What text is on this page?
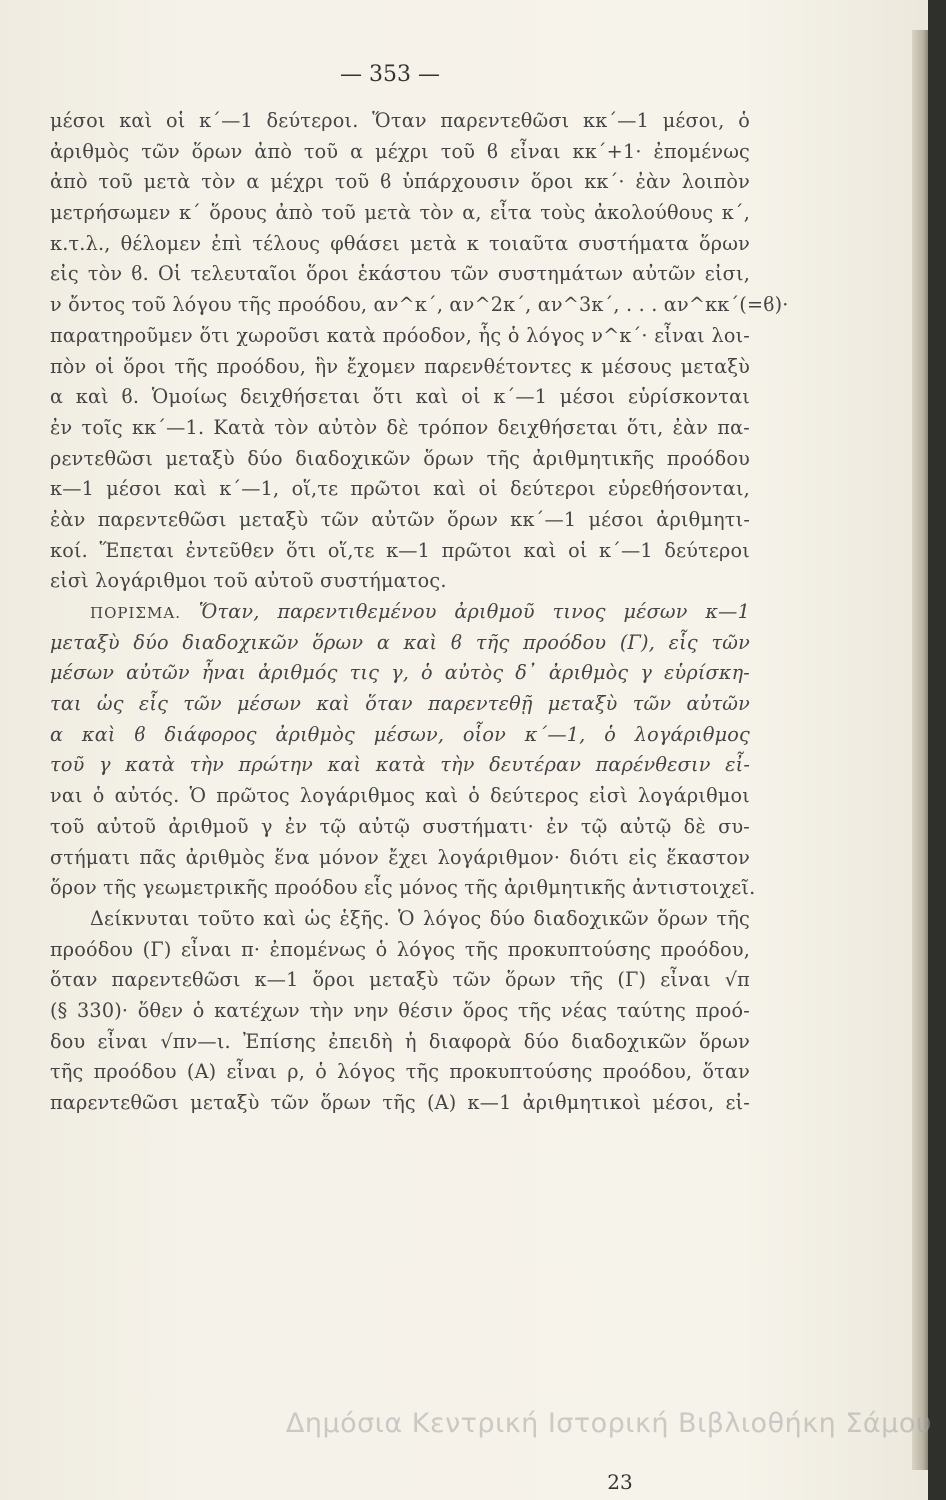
— 353 —
μέσοι καὶ οἱ κ΄—1 δεύτεροι. Ὅταν παρεντεθῶσι κκ΄—1 μέσοι, ὁ
ἀριθμὸς τῶν ὅρων ἀπὸ τοῦ α μέχρι τοῦ ϐ εἶναι κκ΄+1· ἐπομένως
ἀπὸ τοῦ μετὰ τὸν α μέχρι τοῦ ϐ ὑπάρχουσιν ὅροι κκ΄· ἐὰν λοιπὸν
μετρήσωμεν κ΄ ὅρους ἀπὸ τοῦ μετὰ τὸν α, εἶτα τοὺς ἀκολούθους κ΄,
κ.τ.λ., θέλομεν ἐπὶ τέλους φθάσει μετὰ κ τοιαῦτα συστήματα ὅρων
εἰς τὸν ϐ. Οἱ τελευταῖοι ὅροι ἑκάστου τῶν συστημάτων αὐτῶν εἰσι,
ν ὄντος τοῦ λόγου τῆς προόδου, αν^κ΄, αν^2κ΄, αν^3κ΄, . . . αν^κκ΄(=ϐ)·
παρατηροῦμεν ὅτι χωροῦσι κατὰ πρόοδον, ἧς ὁ λόγος ν^κ΄· εἶναι λοι-
πὸν οἱ ὅροι τῆς προόδου, ἣν ἔχομεν παρενθέτοντες κ μέσους μεταξὺ
α καὶ ϐ. Ὁμοίως δειχθήσεται ὅτι καὶ οἱ κ΄—1 μέσοι εὑρίσκονται
ἐν τοῖς κκ΄—1. Κατὰ τὸν αὐτὸν δὲ τρόπον δειχθήσεται ὅτι, ἐὰν πα-
ρεντεθῶσι μεταξὺ δύο διαδοχικῶν ὅρων τῆς ἀριθμητικῆς προόδου
κ—1 μέσοι καὶ κ΄—1, οἵ,τε πρῶτοι καὶ οἱ δεύτεροι εὑρεθήσονται,
ἐὰν παρεντεθῶσι μεταξὺ τῶν αὐτῶν ὅρων κκ΄—1 μέσοι ἀριθμητι-
κοί. Ἕπεται ἐντεῦθεν ὅτι οἵ,τε κ—1 πρῶτοι καὶ οἱ κ΄—1 δεύτεροι
εἰσὶ λογάριθμοι τοῦ αὐτοῦ συστήματος.
ΠΟΡΙΣΜΑ. Ὅταν, παρεντιθεμένου ἀριθμοῦ τινος μέσων κ—1
μεταξὺ δύο διαδοχικῶν ὅρων α καὶ ϐ τῆς προόδου (Γ), εἷς τῶν
μέσων αὐτῶν ἦναι ἀριθμός τις γ, ὁ αὐτὸς δ᾽ ἀριθμὸς γ εὑρίσκη-
ται ὡς εἷς τῶν μέσων καὶ ὅταν παρεντεθῇ μεταξὺ τῶν αὐτῶν
α καὶ ϐ διάφορος ἀριθμὸς μέσων, οἷον κ΄—1, ὁ λογάριθμος
τοῦ γ κατὰ τὴν πρώτην καὶ κατὰ τὴν δευτέραν παρένθεσιν εἶ-
ναι ὁ αὐτός. Ὁ πρῶτος λογάριθμος καὶ ὁ δεύτερος εἰσὶ λογάριθμοι
τοῦ αὐτοῦ ἀριθμοῦ γ ἐν τῷ αὐτῷ συστήματι· ἐν τῷ αὐτῷ δὲ συ-
στήματι πᾶς ἀριθμὸς ἕνα μόνον ἔχει λογάριθμον· διότι εἰς ἕκαστον
ὅρον τῆς γεωμετρικῆς προόδου εἷς μόνος τῆς ἀριθμητικῆς ἀντιστοιχεῖ.
Δείκνυται τοῦτο καὶ ὡς ἑξῆς. Ὁ λόγος δύο διαδοχικῶν ὅρων τῆς
προόδου (Γ) εἶναι π· ἐπομένως ὁ λόγος τῆς προκυπτούσης προόδου,
ὅταν παρεντεθῶσι κ—1 ὅροι μεταξὺ τῶν ὅρων τῆς (Γ) εἶναι √π
(§ 330)· ὅθεν ὁ κατέχων τὴν νην θέσιν ὅρος τῆς νέας ταύτης προό-
δου εἶναι √πν—ι. Ἐπίσης ἐπειδὴ ἡ διαφορὰ δύο διαδοχικῶν ὅρων
τῆς προόδου (Α) εἶναι ρ, ὁ λόγος τῆς προκυπτούσης προόδου, ὅταν
παρεντεθῶσι μεταξὺ τῶν ὅρων τῆς (Α) κ—1 ἀριθμητικοὶ μέσοι, εἰ-
23
Δημόσια Κεντρική Ιστορική Βιβλιοθήκη Σάμου
